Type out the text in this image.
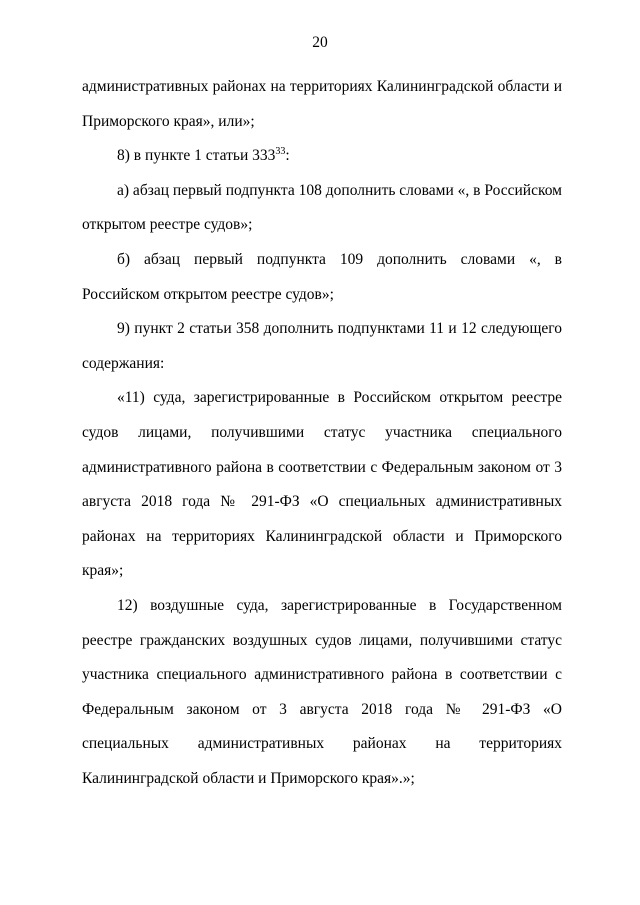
20

административных районах на территориях Калининградской области и Приморского края», или»;

8) в пункте 1 статьи $333^{33}$:

а) абзац первый подпункта 108 дополнить словами «, в Российском открытом реестре судов»;

б) абзац первый подпункта 109 дополнить словами «, в Российском открытом реестре судов»;

9) пункт 2 статьи 358 дополнить подпунктами 11 и 12 следующего содержания:

«11) суда, зарегистрированные в Российском открытом реестре судов лицами, получившими статус участника специального административного района в соответствии с Федеральным законом от 3 августа 2018 года № 291-ФЗ «О специальных административных районах на территориях Калининградской области и Приморского края»;

12) воздушные суда, зарегистрированные в Государственном реестре гражданских воздушных судов лицами, получившими статус участника специального административного района в соответствии с Федеральным законом от 3 августа 2018 года № 291-ФЗ «О специальных административных районах на территориях Калининградской области и Приморского края».»;
